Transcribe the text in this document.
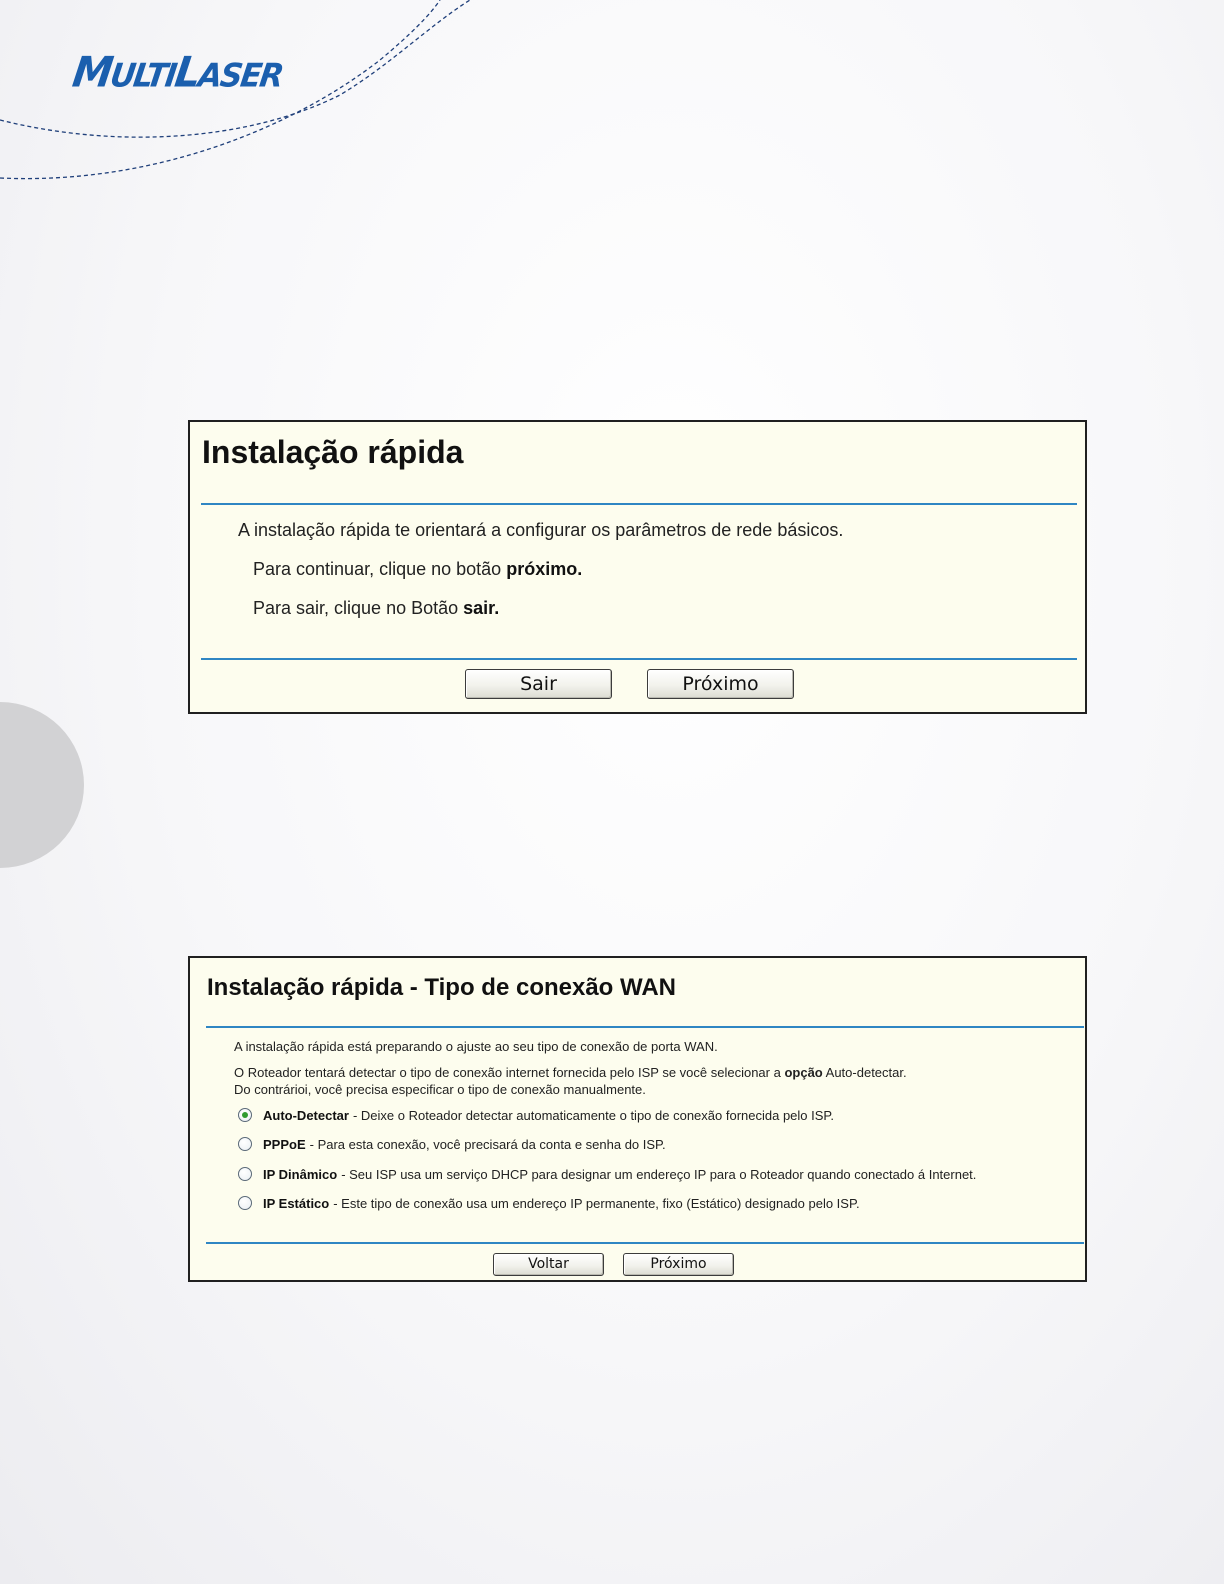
MULTILASER
Instalação rápida
A instalação rápida te orientará a configurar os parâmetros de rede básicos.
Para continuar, clique no botão próximo.
Para sair, clique no Botão sair.
Sair	Próximo
Instalação rápida - Tipo de conexão WAN
A instalação rápida está preparando o ajuste ao seu tipo de conexão de porta WAN.
O Roteador tentará detectar o tipo de conexão internet fornecida pelo ISP se você selecionar a opção Auto-detectar.
Do contrárioi, você precisa especificar o tipo de conexão manualmente.
Auto-Detectar - Deixe o Roteador detectar automaticamente o tipo de conexão fornecida pelo ISP.
PPPoE - Para esta conexão, você precisará da conta e senha do ISP.
IP Dinâmico - Seu ISP usa um serviço DHCP para designar um endereço IP para o Roteador quando conectado á Internet.
IP Estático - Este tipo de conexão usa um endereço IP permanente, fixo (Estático) designado pelo ISP.
Voltar	Próximo
